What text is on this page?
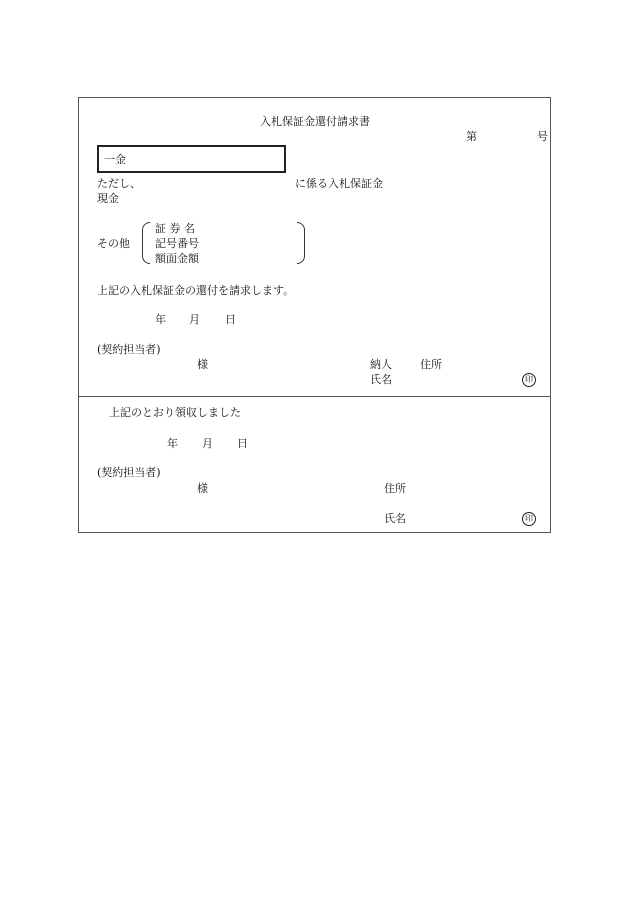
入札保証金還付請求書
第	号
一金
ただし、	に係る入札保証金
現金
その他
証 券 名
記号番号
額面金額
上記の入札保証金の還付を請求します。
年 月 日
(契約担当者)
様	納人	住所
氏名	印
上記のとおり領収しました
年 月 日
(契約担当者)
様	住所
氏名	印
